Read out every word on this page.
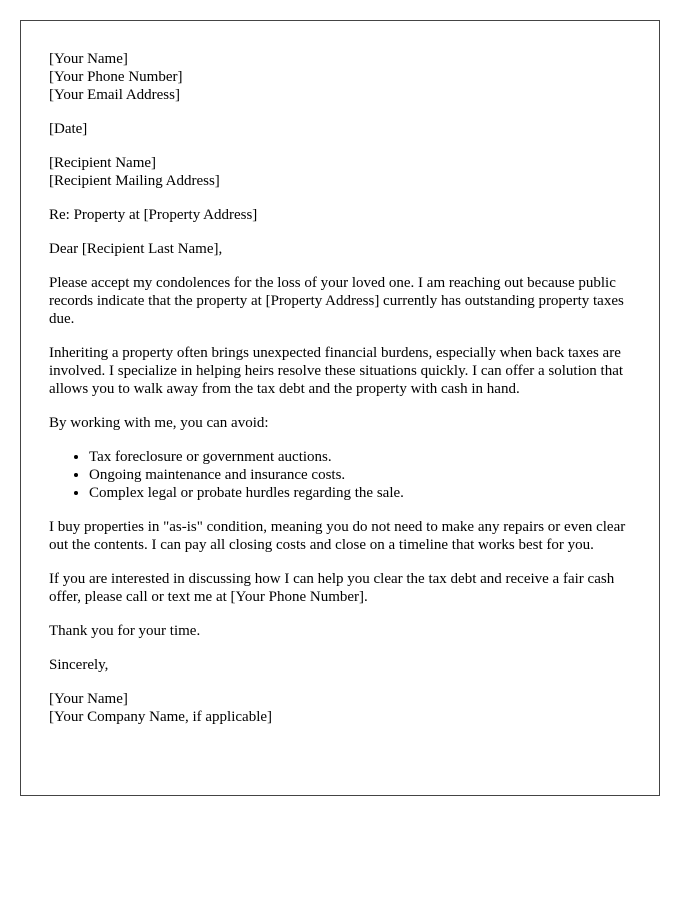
[Your Name]
[Your Phone Number]
[Your Email Address]
[Date]
[Recipient Name]
[Recipient Mailing Address]

Re: Property at [Property Address]

Dear [Recipient Last Name],

Please accept my condolences for the loss of your loved one. I am reaching out because public records indicate that the property at [Property Address] currently has outstanding property taxes due.

Inheriting a property often brings unexpected financial burdens, especially when back taxes are involved. I specialize in helping heirs resolve these situations quickly. I can offer a solution that allows you to walk away from the tax debt and the property with cash in hand.

By working with me, you can avoid:

• Tax foreclosure or government auctions.
• Ongoing maintenance and insurance costs.
• Complex legal or probate hurdles regarding the sale.

I buy properties in "as-is" condition, meaning you do not need to make any repairs or even clear out the contents. I can pay all closing costs and close on a timeline that works best for you.

If you are interested in discussing how I can help you clear the tax debt and receive a fair cash offer, please call or text me at [Your Phone Number].

Thank you for your time.

Sincerely,

[Your Name]
[Your Company Name, if applicable]
